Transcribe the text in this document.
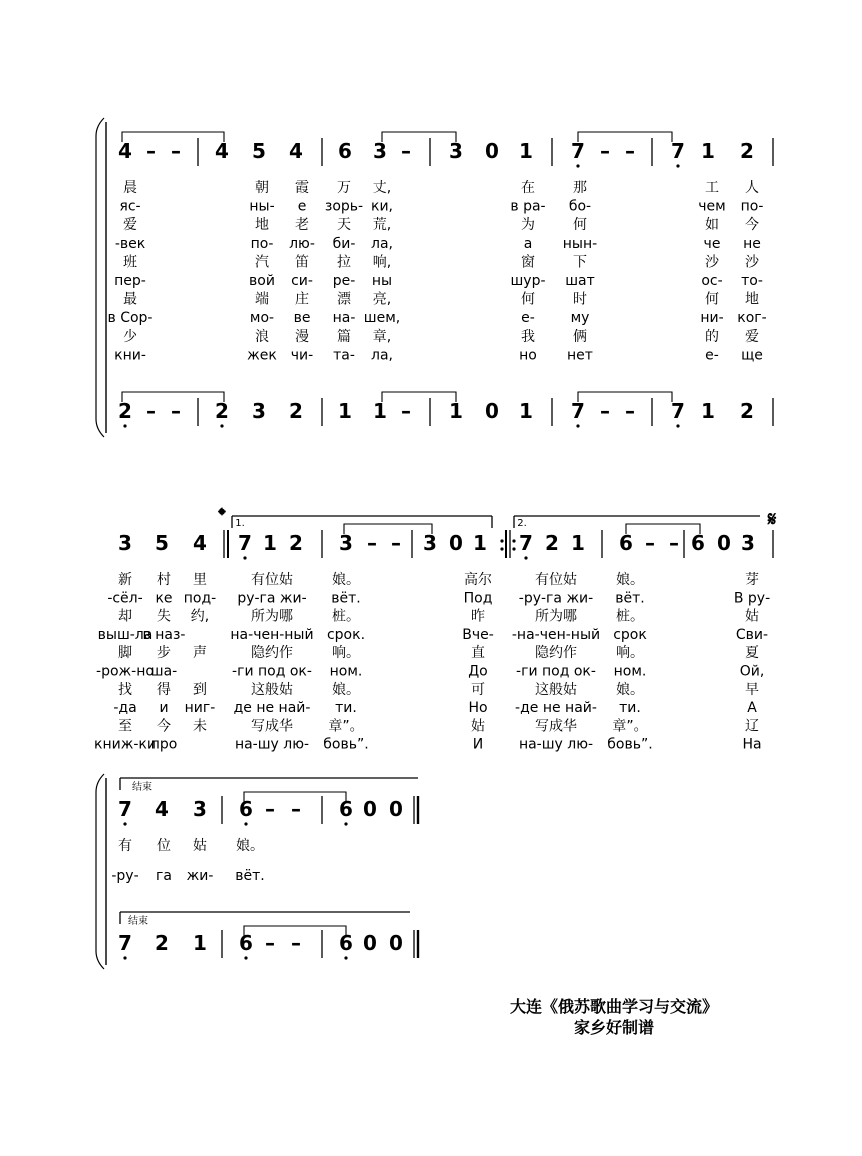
4 – – 4 5 4 6 3 – 3 0 1 7 – – 7 1 2
2 – – 2 3 2 1 1 – 1 0 1 7 – – 7 1 2
晨	朝 霞 万 丈,	在	那	工 人
яс-	ны- е зорь- ки,	в ра- бо-	чем по-
爱	地 老 天 荒,	为	何	如 今
-век	по- лю- би- ла,	а нын-	че не
班	汽 笛 拉 响,	窗	下	沙 沙
пер-	вой си- ре- ны	шур- шат	ос- то-
最	端 庄 漂 亮,	何	时	何 地
в Сор-	мо- ве на- шем,	е-	му	ни- ког-
少	浪 漫 篇 章,	我	俩	的 爱
кни-	жек чи- та- ла,	но нет	е- ще
3 5 4 7 1 2 3 – – 3 0 1 7 2 1 6 – – 6 0 3
1.	2.
𝄌	𝄋
新 村 里	有位姑	娘。	高尔	有位姑	娘。	芽
-сёл- ке под- ру-га жи- вёт.	Под -ру-га жи- вёт.	В ру-
却 失 约,	所为哪	桩。	昨	所为哪	桩。	姑
выш-ла
в наз-	на-чен-ный срок.	Вче- -на-чен-ный срок	Сви-
脚 步 声	隐约作	响。	直	隐约作	响。	夏
-рож-но
ша-	-ги под ок- ном.	До -ги под ок- ном.	Ой,
找 得 到	这般姑	娘。	可	这般姑	娘。	早
-да и ниг- де не най- ти.	Но -де не най- ти.	А
至 今 未	写成华	章”。	姑	写成华	章”。	辽
книж-ки
про	на-шу лю- бовь”.	И	на-шу лю- бовь”.	На
7 4 3 6 – – 6 0 0
7 2 1 6 – – 6 0 0
结束
结束
有 位 姑 娘。
-ру- га жи- вёт.
大连《俄苏歌曲学习与交流》
家乡好制谱
